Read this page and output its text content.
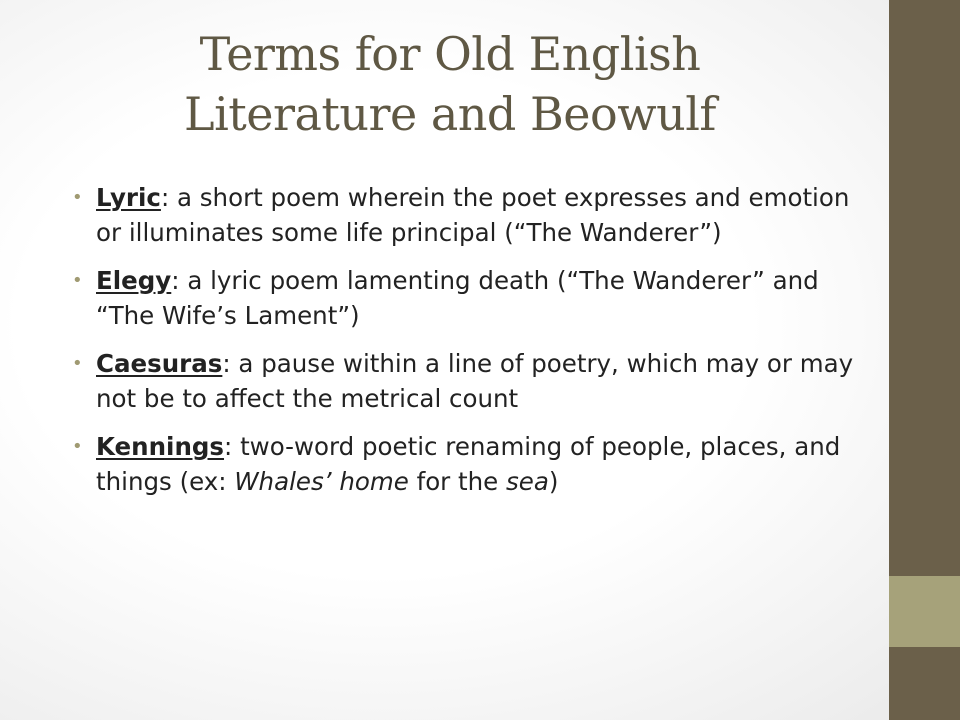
Terms for Old English
Literature and Beowulf
• Lyric: a short poem wherein the poet expresses and emotion or illuminates some life principal (“The Wanderer”)
• Elegy: a lyric poem lamenting death (“The Wanderer” and “The Wife’s Lament”)
• Caesuras: a pause within a line of poetry, which may or may not be to affect the metrical count
• Kennings: two-word poetic renaming of people, places, and things (ex: Whales’ home for the sea)
